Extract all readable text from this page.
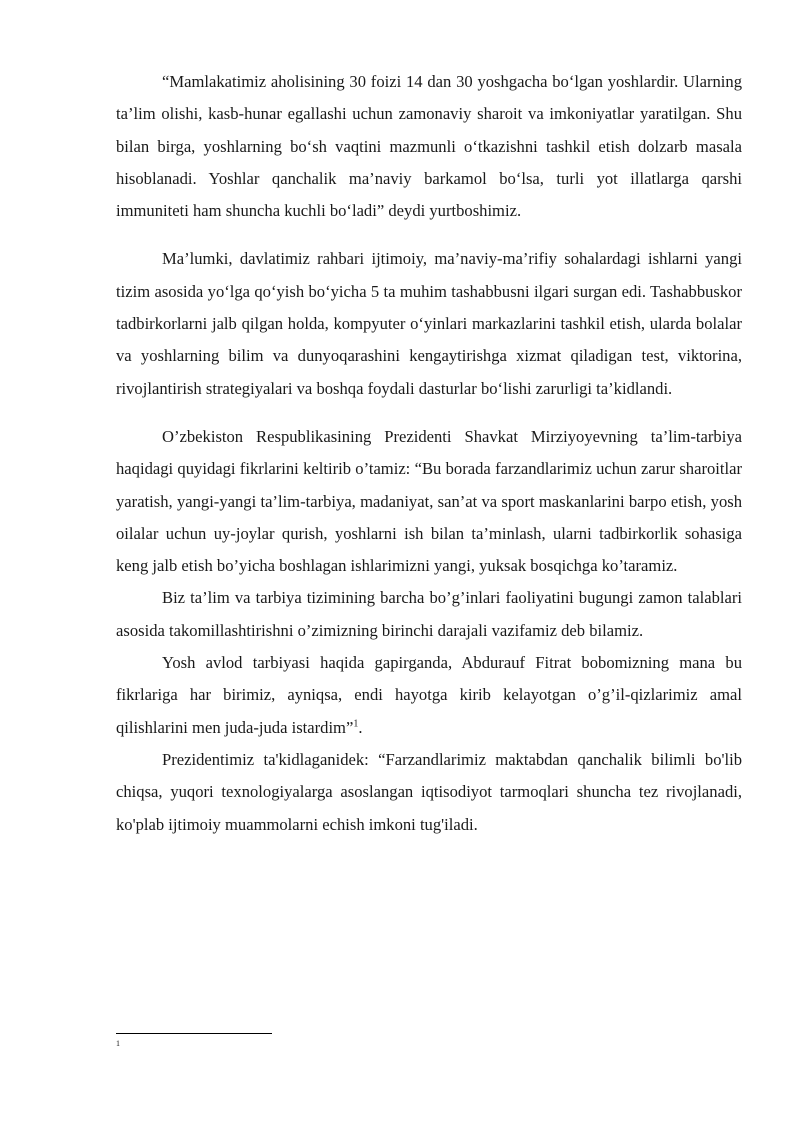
“Mamlakatimiz aholisining 30 foizi 14 dan 30 yoshgacha boʻlgan yoshlardir. Ularning ta’lim olishi, kasb-hunar egallashi uchun zamonaviy sharoit va imkoniyatlar yaratilgan. Shu bilan birga, yoshlarning boʻsh vaqtini mazmunli oʻtkazishni tashkil etish dolzarb masala hisoblanadi. Yoshlar qanchalik ma’naviy barkamol boʻlsa, turli yot illatlarga qarshi immuniteti ham shuncha kuchli boʻladi” deydi yurtboshimiz.

Ma’lumki, davlatimiz rahbari ijtimoiy, ma’naviy-ma’rifiy sohalardagi ishlarni yangi tizim asosida yoʻlga qoʻyish boʻyicha 5 ta muhim tashabbusni ilgari surgan edi. Tashabbuskor tadbirkorlarni jalb qilgan holda, kompyuter oʻyinlari markazlarini tashkil etish, ularda bolalar va yoshlarning bilim va dunyoqarashini kengaytirishga xizmat qiladigan test, viktorina, rivojlantirish strategiyalari va boshqa foydali dasturlar boʻlishi zarurligi ta’kidlandi.

O’zbekiston Respublikasining Prezidenti Shavkat Mirziyoyevning ta’lim-tarbiya haqidagi quyidagi fikrlarini keltirib o’tamiz: “Bu borada farzandlarimiz uchun zarur sharoitlar yaratish, yangi-yangi ta’lim-tarbiya, madaniyat, san’at va sport maskanlarini barpo etish, yosh oilalar uchun uy-joylar qurish, yoshlarni ish bilan ta’minlash, ularni tadbirkorlik sohasiga keng jalb etish bo’yicha boshlagan ishlarimizni yangi, yuksak bosqichga ko’taramiz.

Biz ta’lim va tarbiya tizimining barcha bo’g’inlari faoliyatini bugungi zamon talablari asosida takomillashtirishni o’zimizning birinchi darajali vazifamiz deb bilamiz.

Yosh avlod tarbiyasi haqida gapirganda, Abdurauf Fitrat bobomizning mana bu fikrlariga har birimiz, ayniqsa, endi hayotga kirib kelayotgan o’g’il-qizlarimiz amal qilishlarini men juda-juda istardim”$^1$.

Prezidentimiz ta'kidlaganidek: “Farzandlarimiz maktabdan qanchalik bilimli bo'lib chiqsa, yuqori texnologiyalarga asoslangan iqtisodiyot tarmoqlari shuncha tez rivojlanadi, ko'plab ijtimoiy muammolarni echish imkoni tug'iladi.

1
